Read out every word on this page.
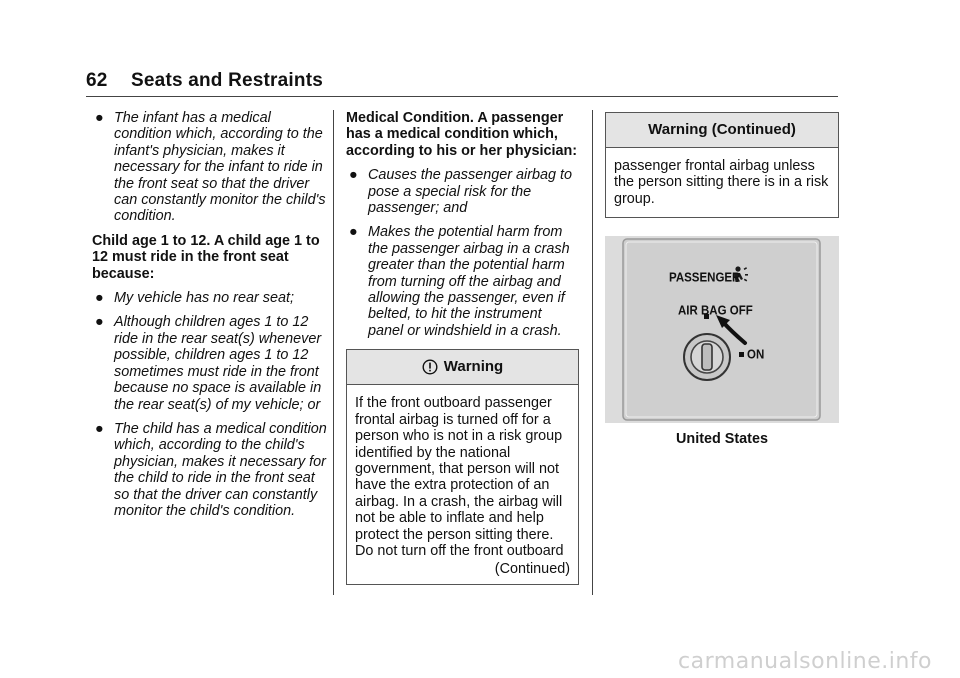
62 Seats and Restraints
● The infant has a medical condition which, according to the infant's physician, makes it necessary for the infant to ride in the front seat so that the driver can constantly monitor the child's condition.

Child age 1 to 12. A child age 1 to 12 must ride in the front seat because:

● My vehicle has no rear seat;
● Although children ages 1 to 12 ride in the rear seat(s) whenever possible, children ages 1 to 12 sometimes must ride in the front because no space is available in the rear seat(s) of my vehicle; or
● The child has a medical condition which, according to the child's physician, makes it necessary for the child to ride in the front seat so that the driver can constantly monitor the child's condition.

Medical Condition. A passenger has a medical condition which, according to his or her physician:

● Causes the passenger airbag to pose a special risk for the passenger; and
● Makes the potential harm from the passenger airbag in a crash greater than the potential harm from turning off the airbag and allowing the passenger, even if belted, to hit the instrument panel or windshield in a crash.
Warning

If the front outboard passenger frontal airbag is turned off for a person who is not in a risk group identified by the national government, that person will not have the extra protection of an airbag. In a crash, the airbag will not be able to inflate and help protect the person sitting there. Do not turn off the front outboard

(Continued)

Warning (Continued)

passenger frontal airbag unless the person sitting there is in a risk group.

PASSENGER
AIR BAG OFF
ON
United States
carmanualsonline.info
